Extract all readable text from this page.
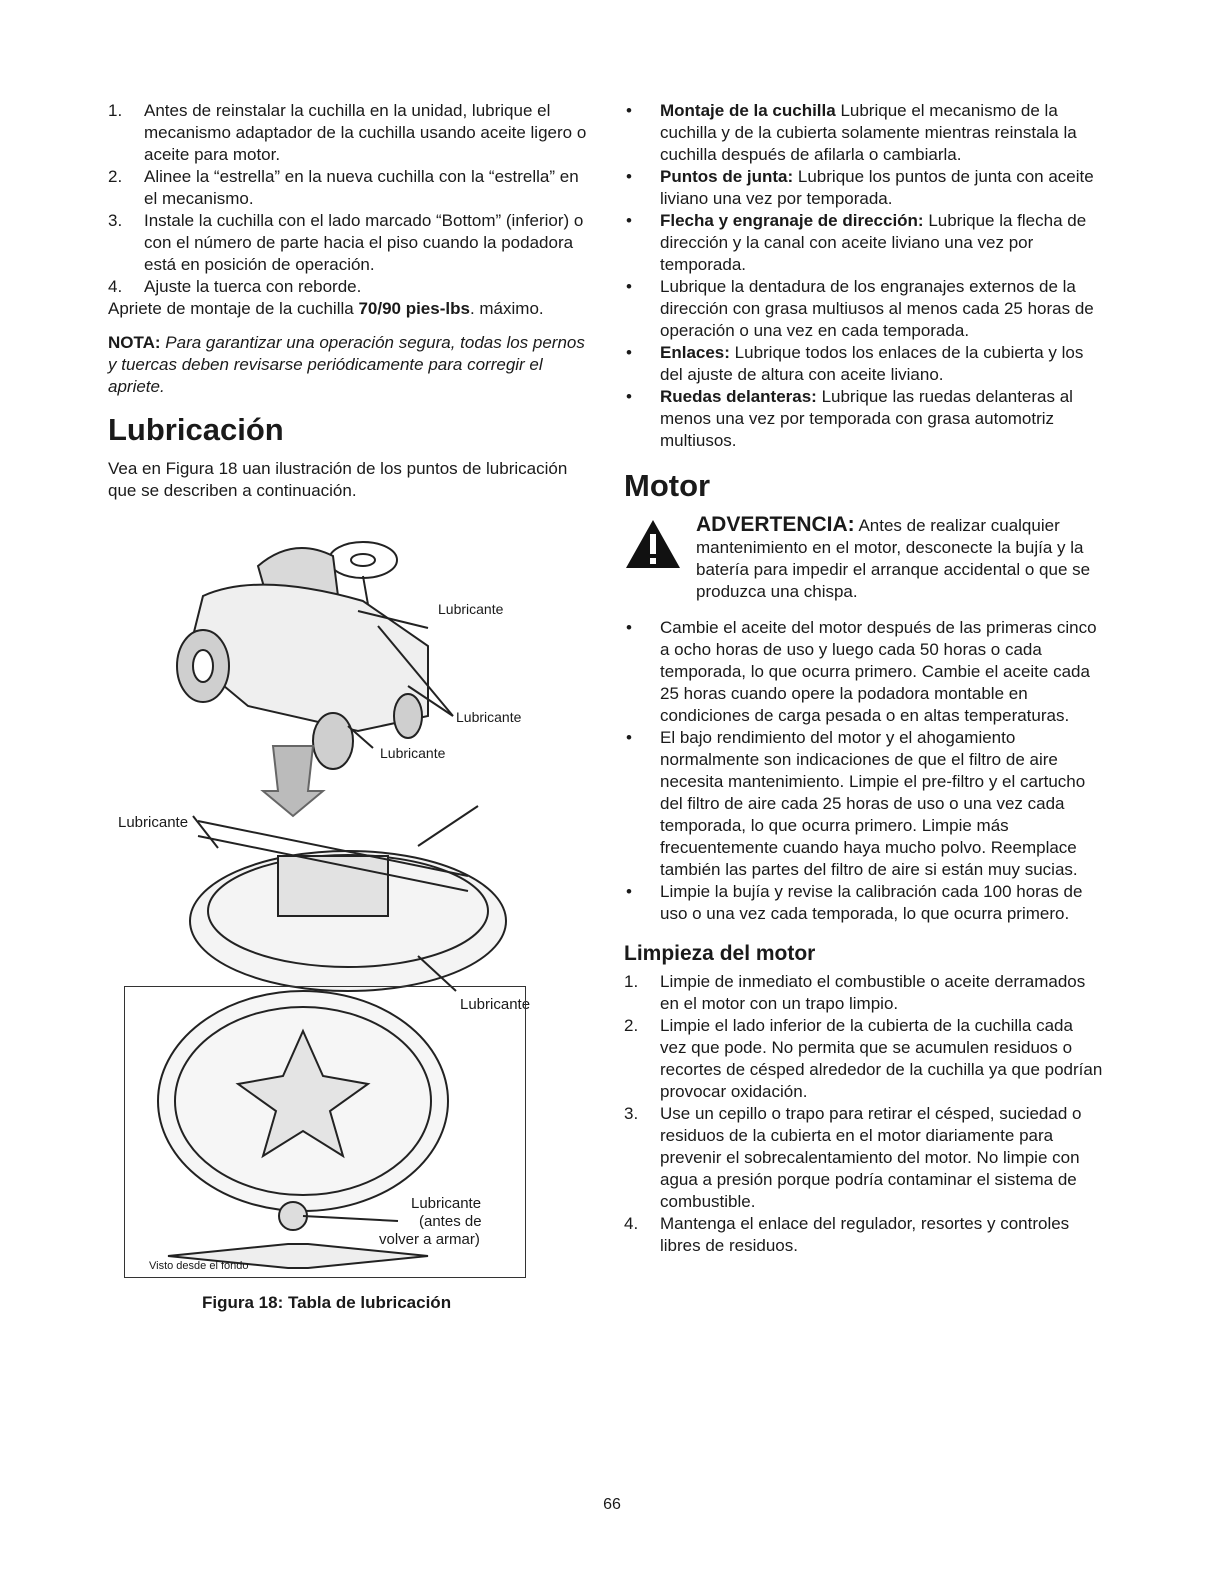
1. Antes de reinstalar la cuchilla en la unidad, lubrique el mecanismo adaptador de la cuchilla usando aceite ligero o aceite para motor.
2. Alinee la “estrella” en la nueva cuchilla con la “estrella” en el mecanismo.
3. Instale la cuchilla con el lado marcado “Bottom” (inferior) o con el número de parte hacia el piso cuando la podadora está en posición de operación.
4. Ajuste la tuerca con reborde.

Apriete de montaje de la cuchilla 70/90 pies-lbs. máximo.

NOTA: Para garantizar una operación segura, todas los pernos y tuercas deben revisarse periódicamente para corregir el apriete.

Lubricación

Vea en Figura 18 uan ilustración de los puntos de lubricación que se describen a continuación.

Lubricante
Lubricante
Lubricante
Lubricante
Lubricante
Lubricante
(antes de
volver a armar)
Visto desde el fondo
Figura 18: Tabla de lubricación
• Montaje de la cuchilla Lubrique el mecanismo de la cuchilla y de la cubierta solamente mientras reinstala la cuchilla después de afilarla o cambiarla.
• Puntos de junta: Lubrique los puntos de junta con aceite liviano una vez por temporada.
• Flecha y engranaje de dirección: Lubrique la flecha de dirección y la canal con aceite liviano una vez por temporada.
• Lubrique la dentadura de los engranajes externos de la dirección con grasa multiusos al menos cada 25 horas de operación o una vez en cada temporada.
• Enlaces: Lubrique todos los enlaces de la cubierta y los del ajuste de altura con aceite liviano.
• Ruedas delanteras: Lubrique las ruedas delanteras al menos una vez por temporada con grasa automotriz multiusos.
Motor
ADVERTENCIA: Antes de realizar cualquier mantenimiento en el motor, desconecte la bujía y la batería para impedir el arranque accidental o que se produzca una chispa.
• Cambie el aceite del motor después de las primeras cinco a ocho horas de uso y luego cada 50 horas o cada temporada, lo que ocurra primero. Cambie el aceite cada 25 horas cuando opere la podadora montable en condiciones de carga pesada o en altas temperaturas.
• El bajo rendimiento del motor y el ahogamiento normalmente son indicaciones de que el filtro de aire necesita mantenimiento. Limpie el pre-filtro y el cartucho del filtro de aire cada 25 horas de uso o una vez cada temporada, lo que ocurra primero. Limpie más frecuentemente cuando haya mucho polvo. Reemplace también las partes del filtro de aire si están muy sucias.
• Limpie la bujía y revise la calibración cada 100 horas de uso o una vez cada temporada, lo que ocurra primero.
Limpieza del motor
1. Limpie de inmediato el combustible o aceite derramados en el motor con un trapo limpio.
2. Limpie el lado inferior de la cubierta de la cuchilla cada vez que pode. No permita que se acumulen residuos o recortes de césped alrededor de la cuchilla ya que podrían provocar oxidación.
3. Use un cepillo o trapo para retirar el césped, suciedad o residuos de la cubierta en el motor diariamente para prevenir el sobrecalentamiento del motor. No limpie con agua a presión porque podría contaminar el sistema de combustible.
4. Mantenga el enlace del regulador, resortes y controles libres de residuos.
66
